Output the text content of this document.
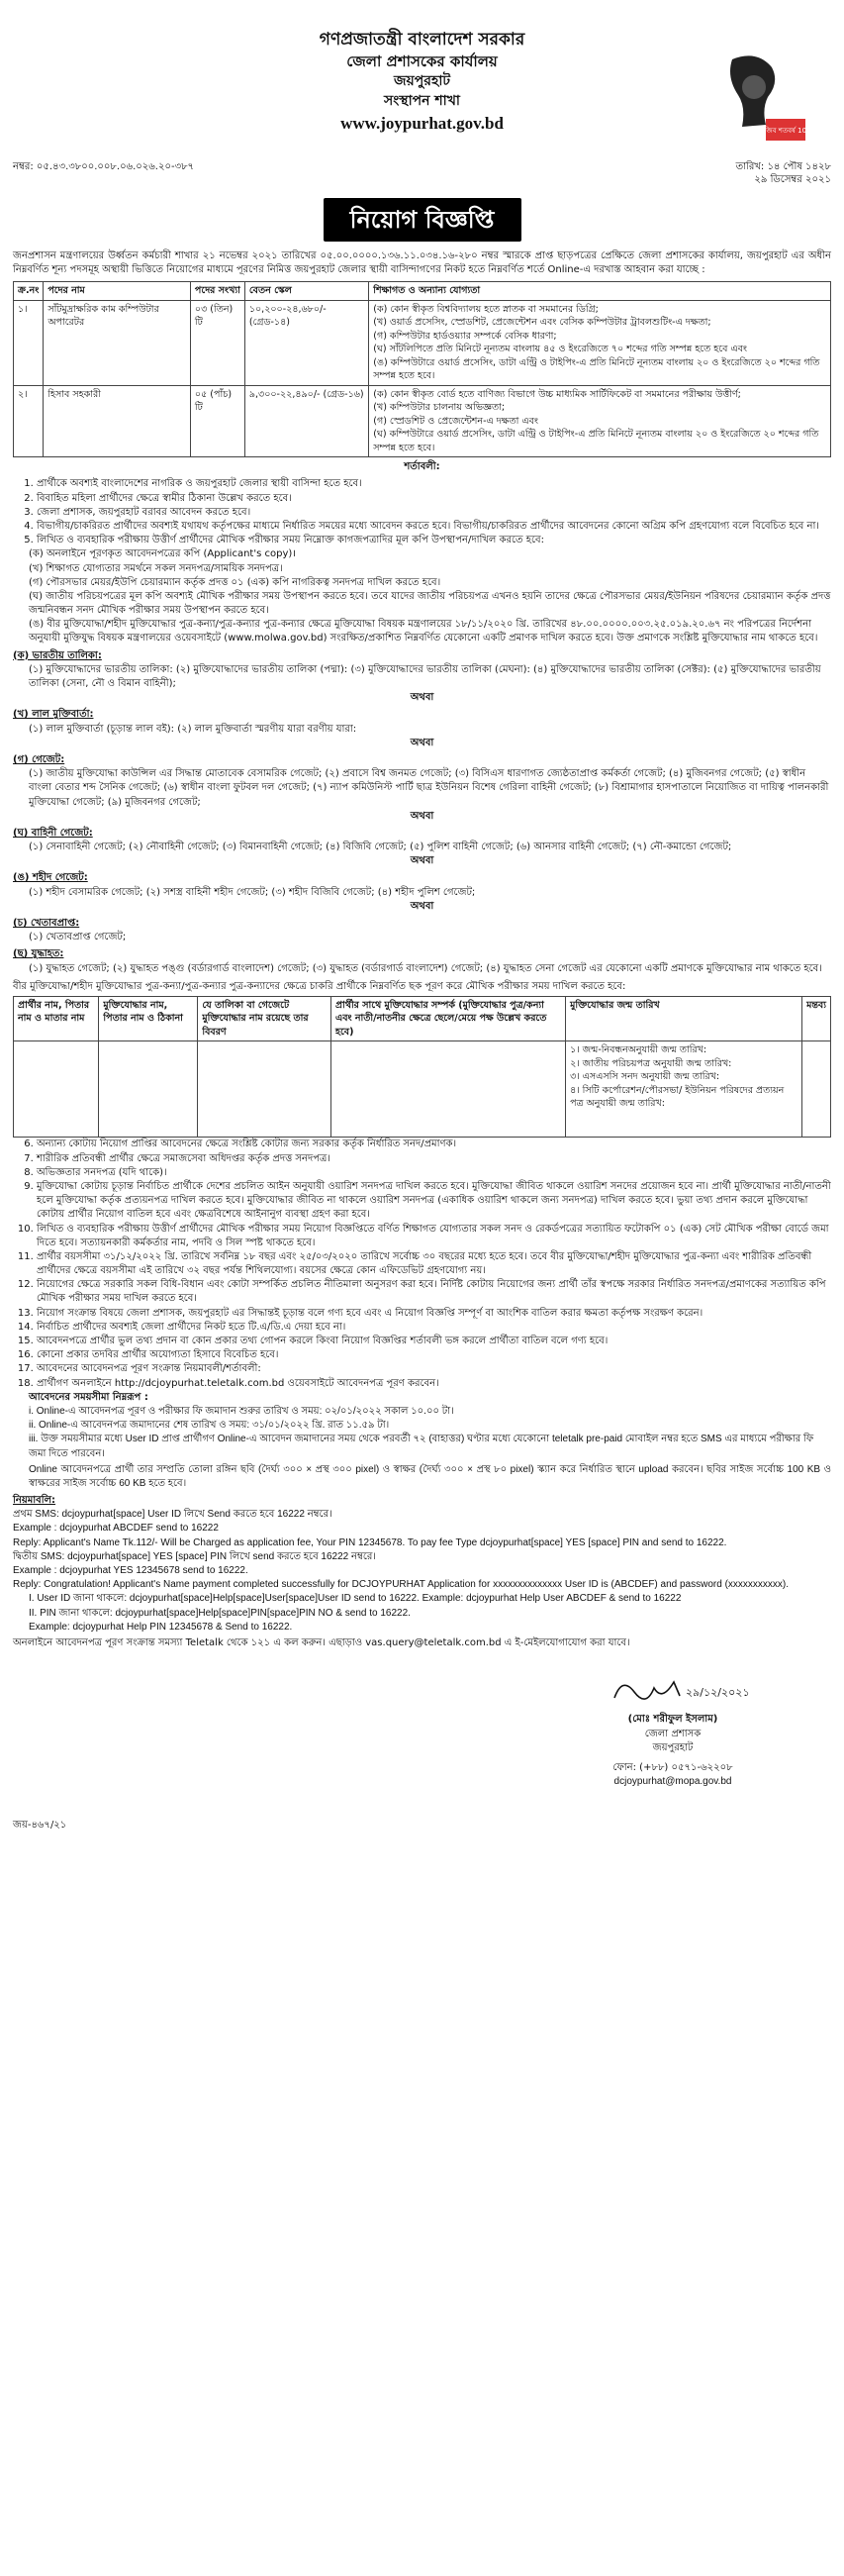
গণপ্রজাতন্ত্রী বাংলাদেশ সরকার
জেলা প্রশাসকের কার্যালয়
জয়পুরহাট
সংস্থাপন শাখা
www.joypurhat.gov.bd	মুজিব শতবর্ষ 100
নম্বর: ০৫.৪৩.৩৮০০.০০৮.০৬.০২৬.২০-৩৮৭	তারিখ: ১৪ পৌষ ১৪২৮
২৯ ডিসেম্বর ২০২১
নিয়োগ বিজ্ঞপ্তি

জনপ্রশাসন মন্ত্রণালয়ের উর্ধ্বতন কর্মচারী শাখার ২১ নভেম্বর ২০২১ তারিখের ০৫.০০.০০০০.১৩৬.১১.০৩৪.১৬-২৮০ নম্বর স্মারকে প্রাপ্ত ছাড়পত্রের প্রেক্ষিতে জেলা প্রশাসকের কার্যালয়, জয়পুরহাট এর অধীন নিম্নবর্ণিত শূন্য পদসমূহ অস্থায়ী ভিত্তিতে নিয়োগের মাধ্যমে পূরণের নিমিত্ত জয়পুরহাট জেলার স্থায়ী বাসিন্দাগণের নিকট হতে নিম্নবর্ণিত শর্তে Online-এ দরখাস্ত আহবান করা যাচ্ছে :

ক্র.নং	পদের নাম	পদের সংখ্যা	বেতন স্কেল	শিক্ষাগত ও অন্যান্য যোগ্যতা
১।	সাঁটমুদ্রাক্ষরিক কাম কম্পিউটার অপারেটর	০৩ (তিন) টি	১০,২০০-২৪,৬৮০/- (গ্রেড-১৪)	(ক) কোন স্বীকৃত বিশ্ববিদ্যালয় হতে স্নাতক বা সমমানের ডিগ্রি;
(খ) ওয়ার্ড প্রসেসিং, স্প্রেডশিট, প্রেজেন্টেশন এবং বেসিক কম্পিউটার ট্রাবলশুটিং-এ দক্ষতা;
(গ) কম্পিউটার হার্ডওয়্যার সম্পর্কে বেসিক ধারণা;
(ঘ) সাঁটলিপিতে প্রতি মিনিটে নূন্যতম বাংলায় ৪৫ ও ইংরেজিতে ৭০ শব্দের গতি সম্পন্ন হতে হবে এবং
(ঙ) কম্পিউটারে ওয়ার্ড প্রসেসিং, ডাটা এন্ট্রি ও টাইপিং-এ প্রতি মিনিটে নূন্যতম বাংলায় ২০ ও ইংরেজিতে ২০ শব্দের গতি সম্পন্ন হতে হবে।

২।	হিসাব সহকারী	০৫ (পাঁচ) টি	৯,৩০০-২২,৪৯০/- (গ্রেড-১৬)	(ক) কোন স্বীকৃত বোর্ড হতে বাণিজ্য বিভাগে উচ্চ মাধ্যমিক সার্টিফিকেট বা সমমানের পরীক্ষায় উত্তীর্ণ;
(খ) কম্পিউটার চালনায় অভিজ্ঞতা;
(গ) স্প্রেডশিট ও প্রেজেন্টেশন-এ দক্ষতা এবং
(ঘ) কম্পিউটারে ওয়ার্ড প্রসেসিং, ডাটা এন্ট্রি ও টাইপিং-এ প্রতি মিনিটে নূন্যতম বাংলায় ২০ ও ইংরেজিতে ২০ শব্দের গতি সম্পন্ন হতে হবে।
শর্তাবলী:
1. প্রার্থীকে অবশ্যই বাংলাদেশের নাগরিক ও জয়পুরহাট জেলার স্থায়ী বাসিন্দা হতে হবে।
2. বিবাহিত মহিলা প্রার্থীদের ক্ষেত্রে স্বামীর ঠিকানা উল্লেখ করতে হবে।
3. জেলা প্রশাসক, জয়পুরহাট বরাবর আবেদন করতে হবে।
4. বিভাগীয়/চাকরিরত প্রার্থীদের অবশ্যই যথাযথ কর্তৃপক্ষের মাধ্যমে নির্ধারিত সময়ের মধ্যে আবেদন করতে হবে। বিভাগীয়/চাকরিরত প্রার্থীদের আবেদনের কোনো অগ্রিম কপি গ্রহণযোগ্য বলে বিবেচিত হবে না।
5. লিখিত ও ব্যবহারিক পরীক্ষায় উত্তীর্ণ প্রার্থীদের মৌখিক পরীক্ষার সময় নিম্নোক্ত কাগজপত্রাদির মূল কপি উপস্থাপন/দাখিল করতে হবে:
(ক) অনলাইনে পূরণকৃত আবেদনপত্রের কপি (Applicant's copy)।
(খ) শিক্ষাগত যোগ্যতার সমর্থনে সকল সনদপত্র/সাময়িক সনদপত্র।
(গ) পৌরসভার মেয়র/ইউপি চেয়ারম্যান কর্তৃক প্রদত্ত ০১ (এক) কপি নাগরিকত্ব সনদপত্র দাখিল করতে হবে।
(ঘ) জাতীয় পরিচয়পত্রের মূল কপি অবশ্যই মৌখিক পরীক্ষার সময় উপস্থাপন করতে হবে। তবে যাদের জাতীয় পরিচয়পত্র এখনও হয়নি তাদের ক্ষেত্রে পৌরসভার মেয়র/ইউনিয়ন পরিষদের চেয়ারম্যান কর্তৃক প্রদত্ত জন্মনিবন্ধন সনদ মৌখিক পরীক্ষার সময় উপস্থাপন করতে হবে।
(ঙ) বীর মুক্তিযোদ্ধা/শহীদ মুক্তিযোদ্ধার পুত্র-কন্যা/পুত্র-কন্যার পুত্র-কন্যার ক্ষেত্রে মুক্তিযোদ্ধা বিষয়ক মন্ত্রণালয়ের ১৮/১১/২০২০ খ্রি. তারিখের ৪৮.০০.০০০০.০০৩.২৫.০১৯.২০.৬৭ নং পরিপত্রের নির্দেশনা অনুযায়ী মুক্তিযুদ্ধ বিষয়ক মন্ত্রণালয়ের ওয়েবসাইটে (www.molwa.gov.bd) সংরক্ষিত/প্রকাশিত নিম্নবর্ণিত যেকোনো একটি প্রমাণক দাখিল করতে হবে। উক্ত প্রমাণকে সংশ্লিষ্ট মুক্তিযোদ্ধার নাম থাকতে হবে।
(ক) ভারতীয় তালিকা:
(১) মুক্তিযোদ্ধাদের ভারতীয় তালিকা: (২) মুক্তিযোদ্ধাদের ভারতীয় তালিকা (পদ্মা): (৩) মুক্তিযোদ্ধাদের ভারতীয় তালিকা (মেঘনা): (৪) মুক্তিযোদ্ধাদের ভারতীয় তালিকা (সেক্টর): (৫) মুক্তিযোদ্ধাদের ভারতীয় তালিকা (সেনা, নৌ ও বিমান বাহিনী);
অথবা
(খ) লাল মুক্তিবার্তা:
(১) লাল মুক্তিবার্তা (চূড়ান্ত লাল বই): (২) লাল মুক্তিবার্তা স্মরণীয় যারা বরণীয় যারা:
অথবা
(গ) গেজেট:
(১) জাতীয় মুক্তিযোদ্ধা কাউন্সিল এর সিদ্ধান্ত মোতাবেক বেসামরিক গেজেট; (২) প্রবাসে বিশ্ব জনমত গেজেট; (৩) বিসিএস ধারণাগত জ্যেষ্ঠতাপ্রাপ্ত কর্মকর্তা গেজেট; (৪) মুজিবনগর গেজেট; (৫) স্বাধীন বাংলা বেতার শব্দ সৈনিক গেজেট; (৬) স্বাধীন বাংলা ফুটবল দল গেজেট; (৭) ন্যাপ কমিউনিস্ট পার্টি ছাত্র ইউনিয়ন বিশেষ গেরিলা বাহিনী গেজেট; (৮) বিশ্রামাগার হাসপাতালে নিয়োজিত বা দায়িত্ব পালনকারী মুক্তিযোদ্ধা গেজেট; (৯) মুজিবনগর গেজেট;
অথবা
(ঘ) বাহিনী গেজেট:
(১) সেনাবাহিনী গেজেট; (২) নৌবাহিনী গেজেট; (৩) বিমানবাহিনী গেজেট; (৪) বিজিবি গেজেট; (৫) পুলিশ বাহিনী গেজেট; (৬) আনসার বাহিনী গেজেট; (৭) নৌ-কমান্ডো গেজেট;
অথবা
(ঙ) শহীদ গেজেট:
(১) শহীদ বেসামরিক গেজেট; (২) সশস্ত্র বাহিনী শহীদ গেজেট; (৩) শহীদ বিজিবি গেজেট; (৪) শহীদ পুলিশ গেজেট;
অথবা
(চ) খেতাবপ্রাপ্ত:
(১) খেতাবপ্রাপ্ত গেজেট;
(ছ) যুদ্ধাহত:
(১) যুদ্ধাহত গেজেট; (২) যুদ্ধাহত পঙ্গু (বর্ডারগার্ড বাংলাদেশ) গেজেট; (৩) যুদ্ধাহত (বর্ডারগার্ড বাংলাদেশ) গেজেট; (৪) যুদ্ধাহত সেনা গেজেট এর যেকোনো একটি প্রমাণকে মুক্তিযোদ্ধার নাম থাকতে হবে।

বীর মুক্তিযোদ্ধা/শহীদ মুক্তিযোদ্ধার পুত্র-কন্যা/পুত্র-কন্যার পুত্র-কন্যাদের ক্ষেত্রে চাকরি প্রার্থীকে নিম্নবর্ণিত ছক পূরণ করে মৌখিক পরীক্ষার সময় দাখিল করতে হবে:

প্রার্থীর নাম, পিতার নাম ও মাতার নাম	মুক্তিযোদ্ধার নাম, পিতার নাম ও ঠিকানা	যে তালিকা বা গেজেটে মুক্তিযোদ্ধার নাম রয়েছে তার বিবরণ	প্রার্থীর সাথে মুক্তিযোদ্ধার সম্পর্ক (মুক্তিযোদ্ধার পুত্র/কন্যা এবং নাতী/নাতনীর ক্ষেত্রে ছেলে/মেয়ে পক্ষ উল্লেখ করতে হবে)	মুক্তিযোদ্ধার জন্ম তারিখ	মন্তব্য

				১। জন্ম-নিবন্ধনঅনুযায়ী জন্ম তারিখ:
২। জাতীয় পরিচয়পত্র অনুযায়ী জন্ম তারিখ:
৩। এসএসসি সনদ অনুযায়ী জন্ম তারিখ:
৪। সিটি কর্পোরেশন/পৌরসভা/ ইউনিয়ন পরিষদের প্রত্যয়ন পত্র অনুযায়ী জন্ম তারিখ:	

6. অন্যান্য কোটায় নিয়োগ প্রাপ্তির আবেদনের ক্ষেত্রে সংশ্লিষ্ট কোটার জন্য সরকার কর্তৃক নির্ধারিত সনদ/প্রমাণক।
7. শারীরিক প্রতিবন্ধী প্রার্থীর ক্ষেত্রে সমাজসেবা অধিদপ্তর কর্তৃক প্রদত্ত সনদপত্র।
8. অভিজ্ঞতার সনদপত্র (যদি থাকে)।
9. মুক্তিযোদ্ধা কোটায় চূড়ান্ত নির্বাচিত প্রার্থীকে দেশের প্রচলিত আইন অনুযায়ী ওয়ারিশ সনদপত্র দাখিল করতে হবে। মুক্তিযোদ্ধা জীবিত থাকলে ওয়ারিশ সনদের প্রয়োজন হবে না। প্রার্থী মুক্তিযোদ্ধার নাতী/নাতনী হলে মুক্তিযোদ্ধা কর্তৃক প্রত্যয়নপত্র দাখিল করতে হবে। মুক্তিযোদ্ধার জীবিত না থাকলে ওয়ারিশ সনদপত্র (একাধিক ওয়ারিশ থাকলে জন্য সনদপত্র) দাখিল করতে হবে। ভুয়া তথ্য প্রদান করলে মুক্তিযোদ্ধা কোটায় প্রার্থীর নিয়োগ বাতিল হবে এবং ক্ষেত্রবিশেষে আইনানুগ ব্যবস্থা গ্রহণ করা হবে।
10. লিখিত ও ব্যবহারিক পরীক্ষায় উত্তীর্ণ প্রার্থীদের মৌখিক পরীক্ষার সময় নিয়োগ বিজ্ঞপ্তিতে বর্ণিত শিক্ষাগত যোগ্যতার সকল সনদ ও রেকর্ডপত্রের সত্যায়িত ফটোকপি ০১ (এক) সেট মৌখিক পরীক্ষা বোর্ডে জমা দিতে হবে। সত্যায়নকারী কর্মকর্তার নাম, পদবি ও সিল স্পষ্ট থাকতে হবে।
11. প্রার্থীর বয়সসীমা ৩১/১২/২০২২ খ্রি. তারিখে সর্বনিম্ন ১৮ বছর এবং ২৫/০৩/২০২০ তারিখে সর্বোচ্চ ৩০ বছরের মধ্যে হতে হবে। তবে বীর মুক্তিযোদ্ধা/শহীদ মুক্তিযোদ্ধার পুত্র-কন্যা এবং শারীরিক প্রতিবন্ধী প্রার্থীদের ক্ষেত্রে বয়সসীমা এই তারিখে ৩২ বছর পর্যন্ত শিথিলযোগ্য। বয়সের ক্ষেত্রে কোন এফিডেভিট গ্রহণযোগ্য নয়।
12. নিয়োগের ক্ষেত্রে সরকারি সকল বিধি-বিধান এবং কোটা সম্পর্কিত প্রচলিত নীতিমালা অনুসরণ করা হবে। নির্দিষ্ট কোটায় নিয়োগের জন্য প্রার্থী তাঁর স্বপক্ষে সরকার নির্ধারিত সনদপত্র/প্রমাণকের সত্যায়িত কপি মৌখিক পরীক্ষার সময় দাখিল করতে হবে।
13. নিয়োগ সংক্রান্ত বিষয়ে জেলা প্রশাসক, জয়পুরহাট এর সিদ্ধান্তই চূড়ান্ত বলে গণ্য হবে এবং এ নিয়োগ বিজ্ঞপ্তি সম্পূর্ণ বা আংশিক বাতিল করার ক্ষমতা কর্তৃপক্ষ সংরক্ষণ করেন।
14. নির্বাচিত প্রার্থীদের অবশ্যই জেলা প্রার্থীদের নিকট হতে টি.এ/ডি.এ দেয়া হবে না।
15. আবেদনপত্রে প্রার্থীর ভুল তথ্য প্রদান বা কোন প্রকার তথ্য গোপন করলে কিংবা নিয়োগ বিজ্ঞপ্তির শর্তাবলী ভঙ্গ করলে প্রার্থীতা বাতিল বলে গণ্য হবে।
16. কোনো প্রকার তদবির প্রার্থীর অযোগ্যতা হিসাবে বিবেচিত হবে।
17. আবেদনের আবেদনপত্র পূরণ সংক্রান্ত নিয়মাবলী/শর্তাবলী:
18. প্রার্থীগণ অনলাইনে http://dcjoypurhat.teletalk.com.bd ওয়েবসাইটে আবেদনপত্র পূরণ করবেন।
আবেদনের সময়সীমা নিম্নরূপ :
i. Online-এ আবেদনপত্র পূরণ ও পরীক্ষার ফি জমাদান শুরুর তারিখ ও সময়: ০২/০১/২০২২ সকাল ১০.০০ টা।
ii. Online-এ আবেদনপত্র জমাদানের শেষ তারিখ ও সময়: ৩১/০১/২০২২ খ্রি. রাত ১১.৫৯ টা।
iii. উক্ত সময়সীমার মধ্যে User ID প্রাপ্ত প্রার্থীগণ Online-এ আবেদন জমাদানের সময় থেকে পরবর্তী ৭২ (বাহাত্তর) ঘণ্টার মধ্যে যেকোনো teletalk pre-paid মোবাইল নম্বর হতে SMS এর মাধ্যমে পরীক্ষার ফি জমা দিতে পারবেন।

Online আবেদনপত্রে প্রার্থী তার সম্প্রতি তোলা রঙ্গিন ছবি (দৈর্ঘ্য ৩০০ × প্রস্থ ৩০০ pixel) ও স্বাক্ষর (দৈর্ঘ্য ৩০০ × প্রস্থ ৮০ pixel) স্ক্যান করে নির্ধারিত স্থানে upload করবেন। ছবির সাইজ সর্বোচ্চ 100 KB ও স্বাক্ষরের সাইজ সর্বোচ্চ 60 KB হতে হবে।

নিয়মাবলি:
প্রথম SMS: dcjoypurhat[space] User ID লিখে Send করতে হবে 16222 নম্বরে।
Example : dcjoypurhat ABCDEF send to 16222
Reply: Applicant's Name Tk.112/- Will be Charged as application fee, Your PIN 12345678. To pay fee Type dcjoypurhat[space] YES [space] PIN and send to 16222.
দ্বিতীয় SMS: dcjoypurhat[space] YES [space] PIN লিখে send করতে হবে 16222 নম্বরে।
Example : dcjoypurhat YES 12345678 send to 16222.
Reply: Congratulation! Applicant's Name payment completed successfully for DCJOYPURHAT Application for xxxxxxxxxxxxxx User ID is (ABCDEF) and password (xxxxxxxxxxx).
I. User ID জানা থাকলে: dcjoypurhat[space]Help[space]User[space]User ID send to 16222. Example: dcjoypurhat Help User ABCDEF & send to 16222
II. PIN জানা থাকলে: dcjoypurhat[space]Help[space]PIN[space]PIN NO & send to 16222.
Example: dcjoypurhat Help PIN 12345678 & Send to 16222.

অনলাইনে আবেদনপত্র পূরণ সংক্রান্ত সমস্যা Teletalk থেকে ১২১ এ কল করুন। এছাড়াও vas.query@teletalk.com.bd এ ই-মেইলযোগাযোগ করা যাবে।

২৯/১২/২০২১
(মোঃ শরীফুল ইসলাম)
জেলা প্রশাসক
জয়পুরহাট
ফোন: (+৮৮) ০৫৭১-৬২২০৮
dcjoypurhat@mopa.gov.bd
জয়-৪৬৭/২১
